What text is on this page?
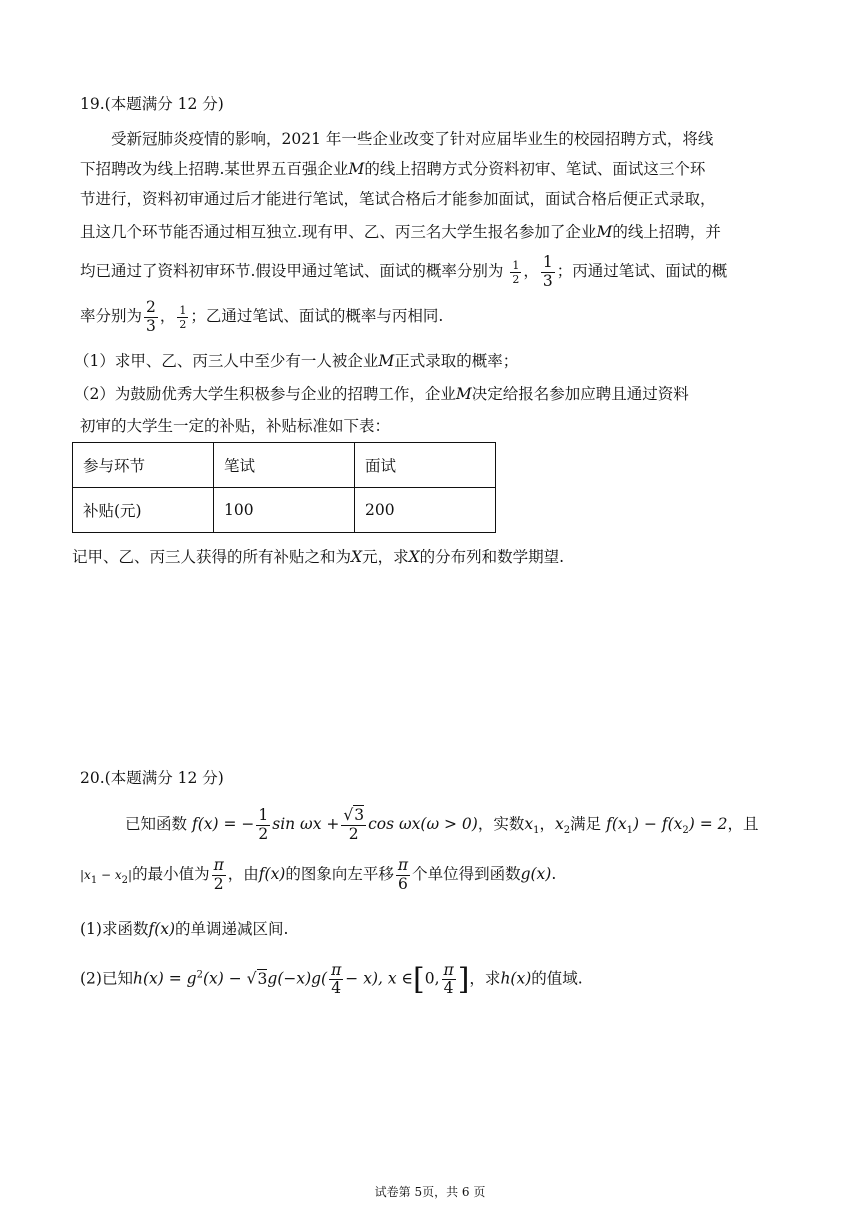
19.(本题满分 12 分)
受新冠肺炎疫情的影响，2021 年一些企业改变了针对应届毕业生的校园招聘方式，将线
下招聘改为线上招聘.某世界五百强企业M的线上招聘方式分资料初审、笔试、面试这三个环
节进行，资料初审通过后才能进行笔试，笔试合格后才能参加面试，面试合格后便正式录取，
且这几个环节能否通过相互独立.现有甲、乙、丙三名大学生报名参加了企业M的线上招聘，并
均已通过了资料初审环节.假设甲通过笔试、面试的概率分别为 $\frac{1}{2}$ ， $\frac{1}{3}$ ；丙通过笔试、面试的概
率分别为 $\frac{2}{3}$ ， $\frac{1}{2}$ ；乙通过笔试、面试的概率与丙相同.
（1）求甲、乙、丙三人中至少有一人被企业M正式录取的概率；
（2）为鼓励优秀大学生积极参与企业的招聘工作，企业M决定给报名参加应聘且通过资料
初审的大学生一定的补贴，补贴标准如下表：
参与环节	笔试	面试
补贴(元)	100	200
记甲、乙、丙三人获得的所有补贴之和为X元，求X的分布列和数学期望.
20.(本题满分 12 分)
已知函数 f(x) = − $\frac{1}{2}$ $\sin \omega x + \frac{√3}{2}$ cos ωx(ω > 0)，实数$x_1$，$x_2$满足 $f(x_1) - f(x_2) = 2$，且
$|x_1 - x_2|$的最小值为 $\frac{\pi}{2}$ ，由f(x)的图象向左平移 $\frac{\pi}{6}$ 个单位得到函数g(x).
(1)求函数f(x)的单调递减区间.
(2)已知$h(x) = g^2(x) - √3g(-x)g( \frac{\pi}{4} - x)$, x ∈[0, $\frac{\pi}{4}$ ]，求h(x)的值域.
试卷第 5页，共 6 页
